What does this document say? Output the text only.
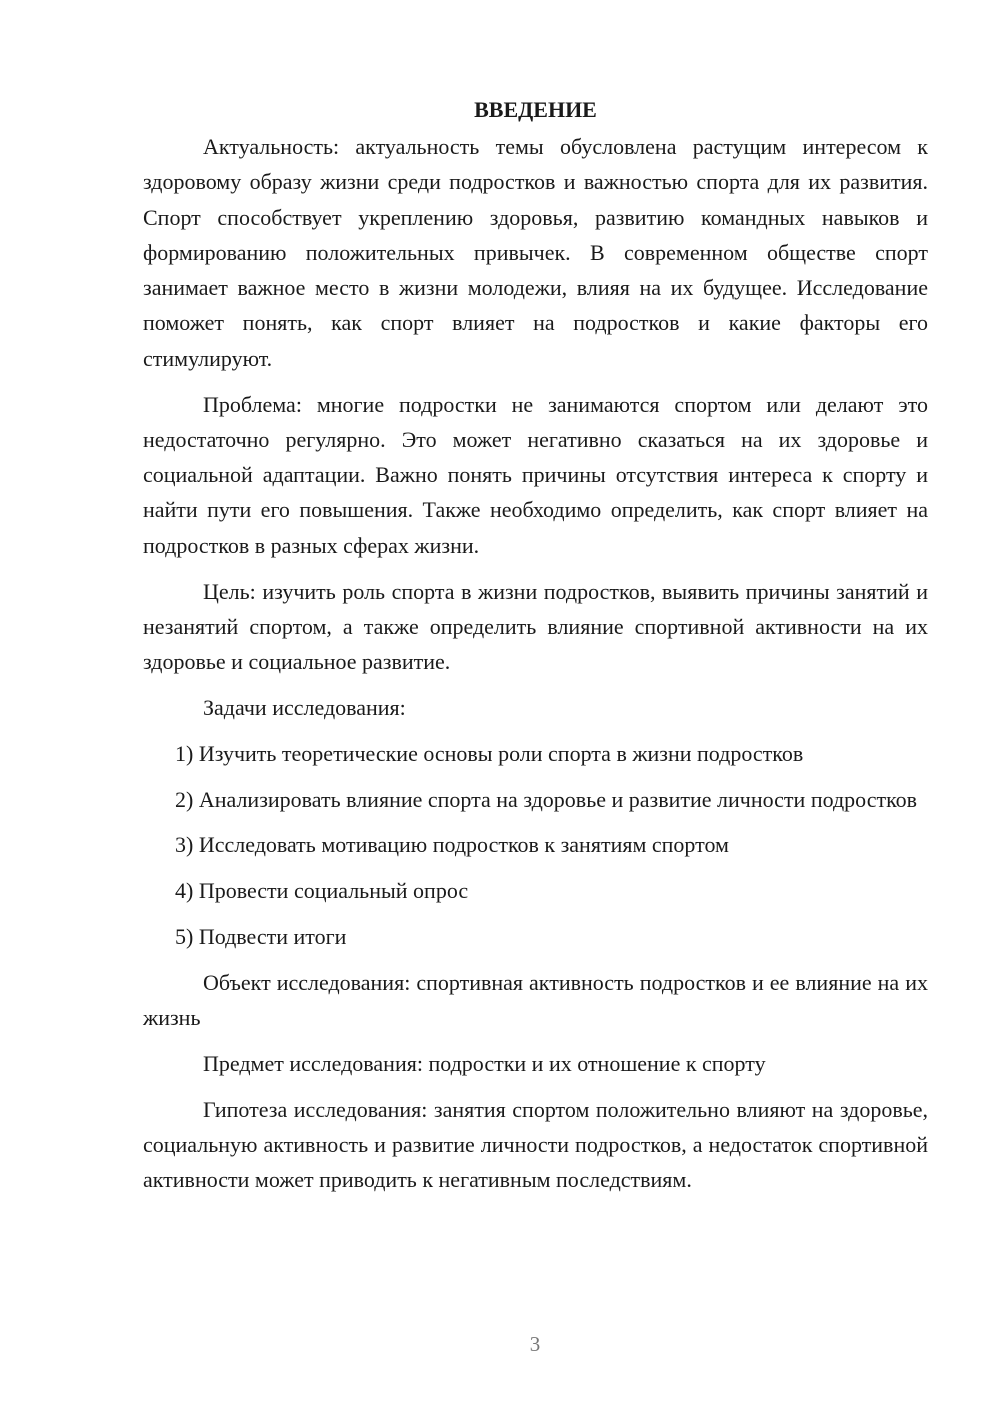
ВВЕДЕНИЕ

Актуальность: актуальность темы обусловлена растущим интересом к здоровому образу жизни среди подростков и важностью спорта для их развития. Спорт способствует укреплению здоровья, развитию командных навыков и формированию положительных привычек. В современном обществе спорт занимает важное место в жизни молодежи, влияя на их будущее. Исследование поможет понять, как спорт влияет на подростков и какие факторы его стимулируют.

Проблема: многие подростки не занимаются спортом или делают это недостаточно регулярно. Это может негативно сказаться на их здоровье и социальной адаптации. Важно понять причины отсутствия интереса к спорту и найти пути его повышения. Также необходимо определить, как спорт влияет на подростков в разных сферах жизни.

Цель: изучить роль спорта в жизни подростков, выявить причины занятий и незанятий спортом, а также определить влияние спортивной активности на их здоровье и социальное развитие.

Задачи исследования:

1) Изучить теоретические основы роли спорта в жизни подростков

2) Анализировать влияние спорта на здоровье и развитие личности подростков

3) Исследовать мотивацию подростков к занятиям спортом

4) Провести социальный опрос

5) Подвести итоги

Объект исследования: спортивная активность подростков и ее влияние на их жизнь

Предмет исследования: подростки и их отношение к спорту

Гипотеза исследования: занятия спортом положительно влияют на здоровье, социальную активность и развитие личности подростков, а недостаток спортивной активности может приводить к негативным последствиям.

3
